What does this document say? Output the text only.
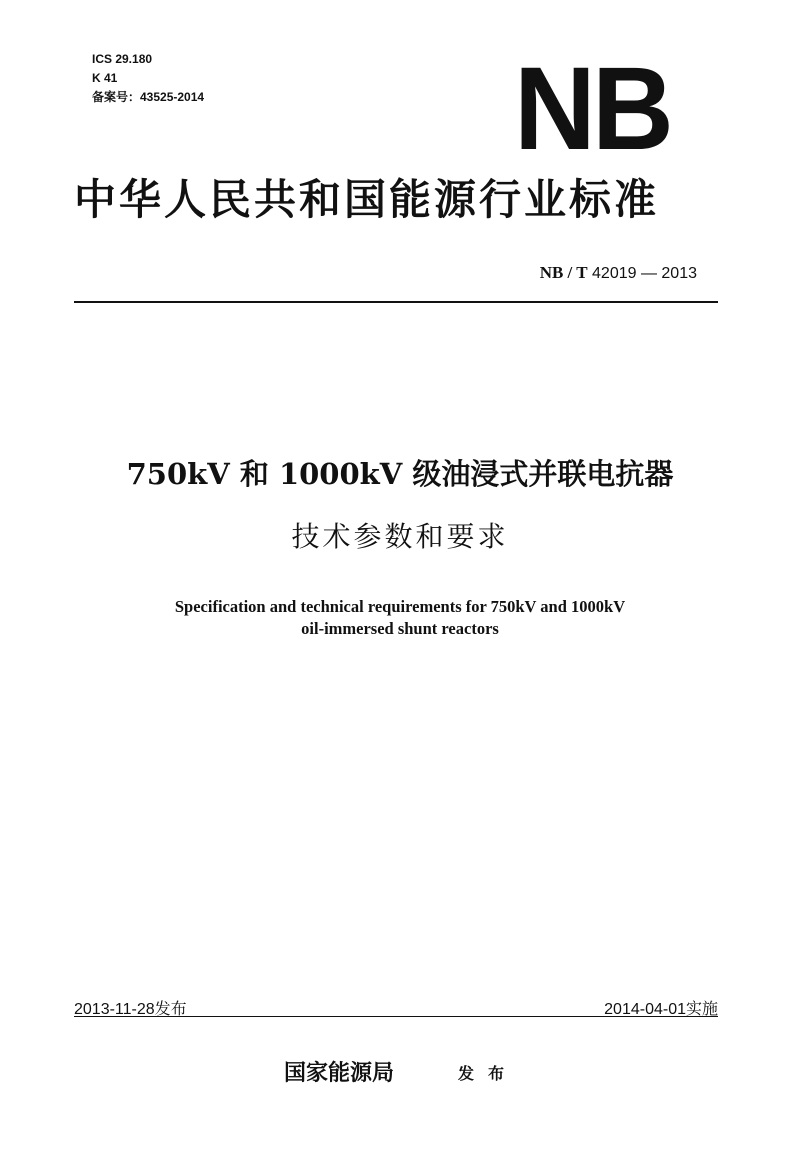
ICS 29.180
K 41
备案号：43525-2014	NB
中华人民共和国能源行业标准
NB / T 42019 — 2013
750kV 和 1000kV 级油浸式并联电抗器
技术参数和要求
Specification and technical requirements for 750kV and 1000kV
oil-immersed shunt reactors
2013-11-28发布	2014-04-01实施
国家能源局	发布
